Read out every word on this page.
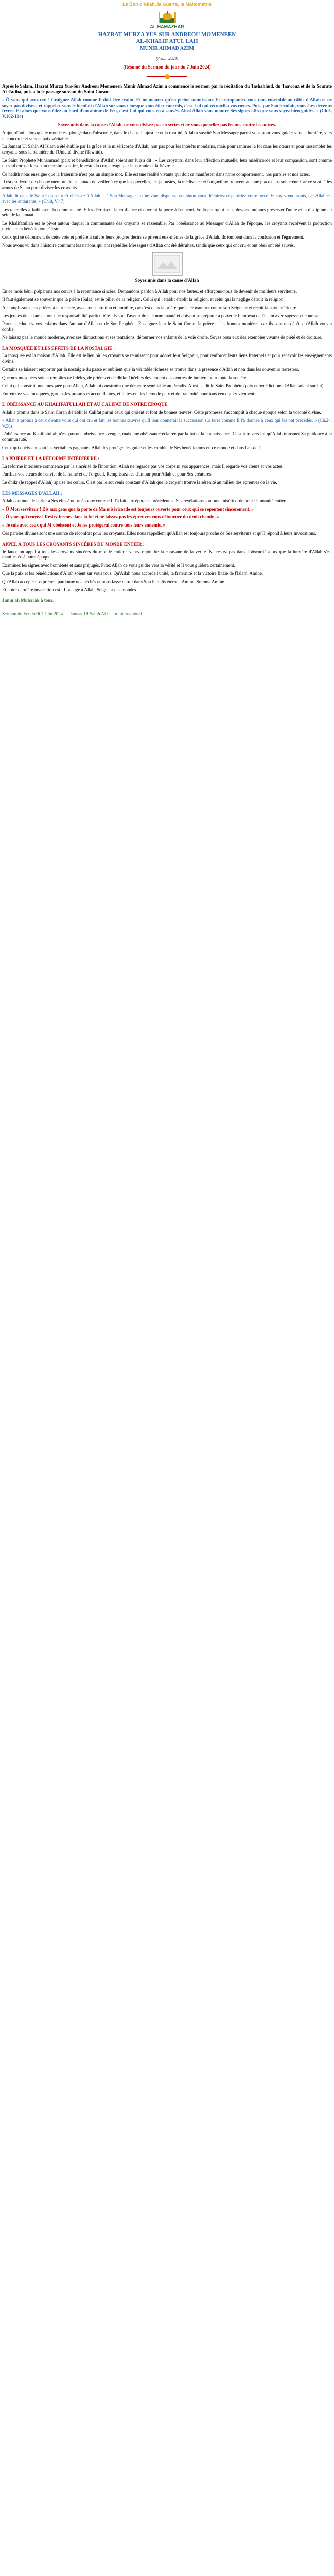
Le Bon d'Allah, la Guerre, la Mahométrie
AL HAMAZHAR
HAZRAT MURZA YUS-SUR ANDREOU MOMENEEN
AL-KHALIF ATUL LAH
MUNIR AHMAD AZIM
(7 Juin 2024)
(Résumé du Sermon du jour du 7 Juin 2024)

Après le Salam, Hazrat Murza Yus-Sur Andreou Momeneen Munir Ahmad Azim a commencé le sermon par la récitation du Tashahhud, du Taawouz et de la Sourate Al-Fatiha, puis a lu le passage suivant du Saint Coran:

« Ô vous qui avez cru ! Craignez Allah comme Il doit être craint. Et ne mourez qu'en pleine soumission. Et cramponnez-vous tous ensemble au câble d'Allah et ne soyez pas divisés ; et rappelez-vous le bienfait d'Allah sur vous : lorsque vous étiez ennemis, c'est Lui qui réconcilia vos cœurs. Puis, par Son bienfait, vous êtes devenus frères. Et alors que vous étiez au bord d'un abîme de Feu, c'est Lui qui vous en a sauvés. Ainsi Allah vous montre Ses signes afin que vous soyez bien guidés. » (Ch.3, V.102-104)

Soyez unis dans la cause d'Allah, ne vous divisez pas en sectes et ne vous querellez pas les uns contre les autres.

Aujourd'hui, alors que le monde est plongé dans l'obscurité, dans le chaos, l'injustice et la rivalité, Allah a suscité Son Messager parmi vous pour vous guider vers la lumière, vers la concorde et vers la paix véritable.

La Jamaat Ul Sahih Al Islam a été établie par la grâce et la miséricorde d'Allah, non pas pour les intérêts mondains, mais pour ranimer la foi dans les cœurs et pour rassembler les croyants sous la bannière de l'Unicité divine (Tawhid).

Le Saint Prophète Muhammad (paix et bénédictions d'Allah soient sur lui) a dit : « Les croyants, dans leur affection mutuelle, leur miséricorde et leur compassion, sont comme un seul corps : lorsqu'un membre souffre, le reste du corps réagit par l'insomnie et la fièvre. »

Ce hadith nous enseigne que la fraternité n'est pas un simple mot. Elle est une réalité vivante qui doit se manifester dans notre comportement, nos paroles et nos actes.

Il est du devoir de chaque membre de la Jamaat de veiller à ce que les querelles, les jalousies, la médisance et l'orgueil ne trouvent aucune place dans son cœur. Car ce sont là les armes de Satan pour diviser les croyants.

Allah dit dans le Saint Coran : « Et obéissez à Allah et à Son Messager ; et ne vous disputez pas, sinon vous fléchiriez et perdriez votre force. Et soyez endurants, car Allah est avec les endurants. » (Ch.8, V.47)

Les querelles affaiblissent la communauté. Elles détruisent la confiance et ouvrent la porte à l'ennemi. Voilà pourquoi nous devons toujours préserver l'unité et la discipline au sein de la Jamaat.

Le Khalifatullah est le pivot autour duquel la communauté des croyants se rassemble. Par l'obéissance au Messager d'Allah de l'époque, les croyants reçoivent la protection divine et la bénédiction céleste.

Ceux qui se détournent de cette voie et préfèrent suivre leurs propres désirs se privent eux-mêmes de la grâce d'Allah. Ils tombent dans la confusion et l'égarement.

Nous avons vu dans l'histoire comment les nations qui ont rejeté les Messagers d'Allah ont été détruites, tandis que ceux qui ont cru et ont obéi ont été sauvés.

Soyez unis dans la cause d'Allah

En ce mois béni, préparons nos cœurs à la repentance sincère. Demandons pardon à Allah pour nos fautes, et efforçons-nous de devenir de meilleurs serviteurs.

Il faut également se souvenir que la prière (Salat) est le pilier de la religion. Celui qui l'établit établit la religion, et celui qui la néglige détruit la religion.

Accomplissons nos prières à leur heure, avec concentration et humilité, car c'est dans la prière que le croyant rencontre son Seigneur et reçoit la paix intérieure.

Les jeunes de la Jamaat ont une responsabilité particulière. Ils sont l'avenir de la communauté et doivent se préparer à porter le flambeau de l'Islam avec sagesse et courage.

Parents, éduquez vos enfants dans l'amour d'Allah et de Son Prophète. Enseignez-leur le Saint Coran, la prière et les bonnes manières, car ils sont un dépôt qu'Allah vous a confié.

Ne laissez pas le monde moderne, avec ses distractions et ses tentations, détourner vos enfants de la voie droite. Soyez pour eux des exemples vivants de piété et de droiture.

LA MOSQUÉE ET LES EFFETS DE LA NOSTALGIE :

La mosquée est la maison d'Allah. Elle est le lieu où les croyants se réunissent pour adorer leur Seigneur, pour renforcer leurs liens fraternels et pour recevoir les enseignements divins.

Certains se laissent emporter par la nostalgie du passé et oublient que la véritable richesse se trouve dans la présence d'Allah et non dans les souvenirs terrestres.

Que nos mosquées soient remplies de fidèles, de prières et de dhikr. Qu'elles deviennent des centres de lumière pour toute la société.

Celui qui construit une mosquée pour Allah, Allah lui construira une demeure semblable au Paradis. Ainsi l'a dit le Saint Prophète (paix et bénédictions d'Allah soient sur lui).

Entretenez vos mosquées, gardez-les propres et accueillantes, et faites-en des lieux de paix et de fraternité pour tous ceux qui y viennent.

L'OBÉISSANCE AU KHALIFATULLAH ET AU CALIFAT DE NOTRE ÉPOQUE

Allah a promis dans le Saint Coran d'établir le Califat parmi ceux qui croient et font de bonnes œuvres. Cette promesse s'accomplit à chaque époque selon la volonté divine.

« Allah a promis à ceux d'entre vous qui ont cru et fait les bonnes œuvres qu'Il leur donnerait la succession sur terre comme Il l'a donnée à ceux qui les ont précédés. » (Ch.24, V.56)

L'obéissance au Khalifatullah n'est pas une obéissance aveugle, mais une obéissance éclairée par la foi et la connaissance. C'est à travers lui qu'Allah transmet Sa guidance à la communauté.

Ceux qui obéissent sont les véritables gagnants. Allah les protège, les guide et les comble de Ses bénédictions en ce monde et dans l'au-delà.

LA PRIÈRE ET LA RÉFORME INTÉRIEURE :

La réforme intérieure commence par la sincérité de l'intention. Allah ne regarde pas vos corps ni vos apparences, mais Il regarde vos cœurs et vos actes.

Purifiez vos cœurs de l'envie, de la haine et de l'orgueil. Remplissez-les d'amour pour Allah et pour Ses créatures.

Le dhikr (le rappel d'Allah) apaise les cœurs. C'est par le souvenir constant d'Allah que le croyant trouve la sérénité au milieu des épreuves de la vie.

LES MESSAGES D'ALLAH :

Allah continue de parler à Ses élus à notre époque comme Il l'a fait aux époques précédentes. Ses révélations sont une miséricorde pour l'humanité entière.

« Ô Mon serviteur ! Dis aux gens que la porte de Ma miséricorde est toujours ouverte pour ceux qui se repentent sincèrement. »

« Ô vous qui croyez ! Restez fermes dans la foi et ne laissez pas les épreuves vous détourner du droit chemin. »

« Je suis avec ceux qui M'obéissent et Je les protégerai contre tous leurs ennemis. »

Ces paroles divines sont une source de réconfort pour les croyants. Elles nous rappellent qu'Allah est toujours proche de Ses serviteurs et qu'Il répond à leurs invocations.

APPEL À TOUS LES CROYANTS SINCÈRES DU MONDE ENTIER :

Je lance un appel à tous les croyants sincères du monde entier : venez rejoindre la caravane de la vérité. Ne restez pas dans l'obscurité alors que la lumière d'Allah s'est manifestée à notre époque.

Examinez les signes avec honnêteté et sans préjugés. Priez Allah de vous guider vers la vérité et Il vous guidera certainement.

Que la paix et les bénédictions d'Allah soient sur vous tous. Qu'Allah nous accorde l'unité, la fraternité et la victoire finale de l'Islam. Amine.

Qu'Allah accepte nos prières, pardonne nos péchés et nous fasse entrer dans Son Paradis éternel. Amine, Summa Amine.

Et notre dernière invocation est : Louange à Allah, Seigneur des mondes.

Jumu'ah Mubarak à tous.

Sermon du Vendredi 7 Juin 2024 — Jamaat Ul Sahih Al Islam International
